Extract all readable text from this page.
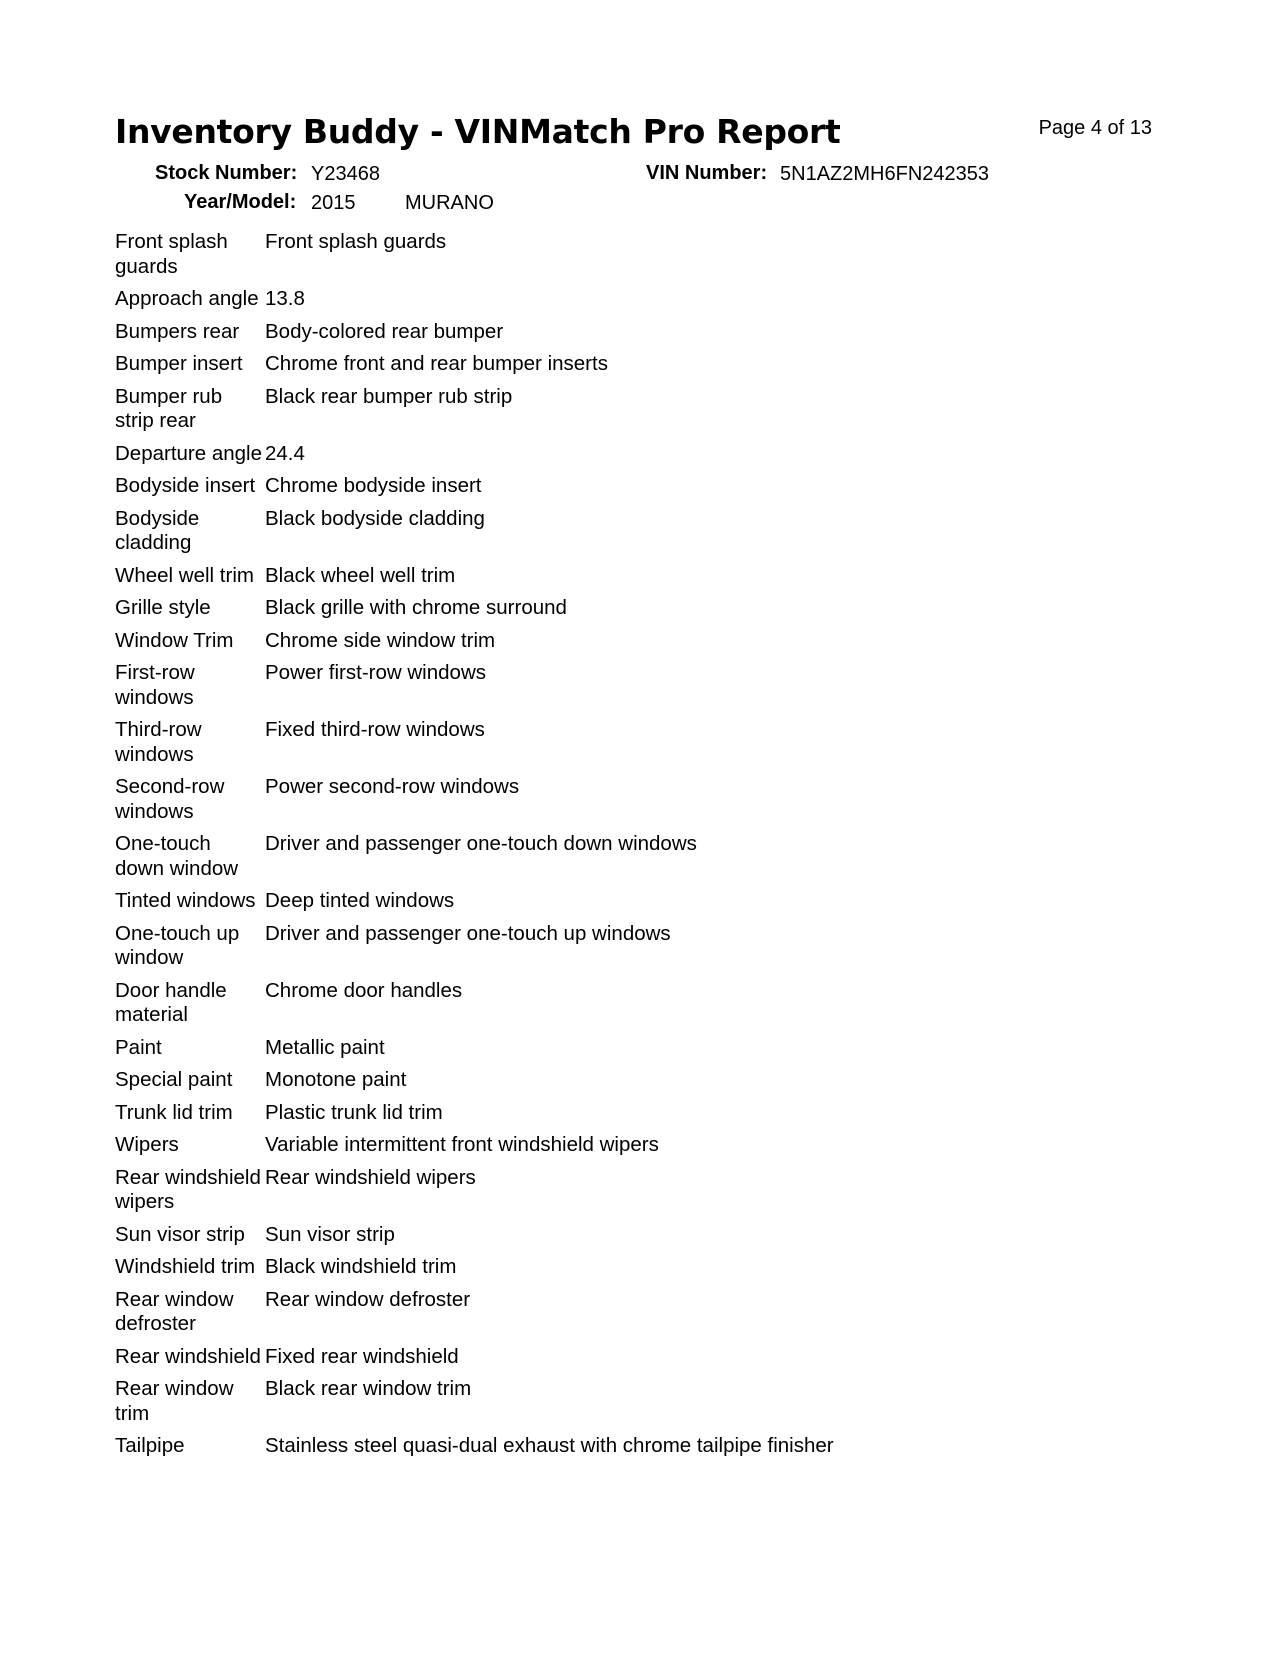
Inventory Buddy - VINMatch Pro Report	Page 4 of 13
Stock Number: Y23468	VIN Number: 5N1AZ2MH6FN242353
Year/Model: 2015 MURANO
Front splash guards	Front splash guards
Approach angle	13.8
Bumpers rear	Body-colored rear bumper
Bumper insert	Chrome front and rear bumper inserts
Bumper rub strip rear	Black rear bumper rub strip
Departure angle	24.4
Bodyside insert	Chrome bodyside insert
Bodyside cladding	Black bodyside cladding
Wheel well trim	Black wheel well trim
Grille style	Black grille with chrome surround
Window Trim	Chrome side window trim
First-row windows	Power first-row windows
Third-row windows	Fixed third-row windows
Second-row windows	Power second-row windows
One-touch down window	Driver and passenger one-touch down windows
Tinted windows	Deep tinted windows
One-touch up window	Driver and passenger one-touch up windows
Door handle material	Chrome door handles
Paint	Metallic paint
Special paint	Monotone paint
Trunk lid trim	Plastic trunk lid trim
Wipers	Variable intermittent front windshield wipers
Rear windshield wipers	Rear windshield wipers
Sun visor strip	Sun visor strip
Windshield trim	Black windshield trim
Rear window defroster	Rear window defroster
Rear windshield	Fixed rear windshield
Rear window trim	Black rear window trim
Tailpipe	Stainless steel quasi-dual exhaust with chrome tailpipe finisher
